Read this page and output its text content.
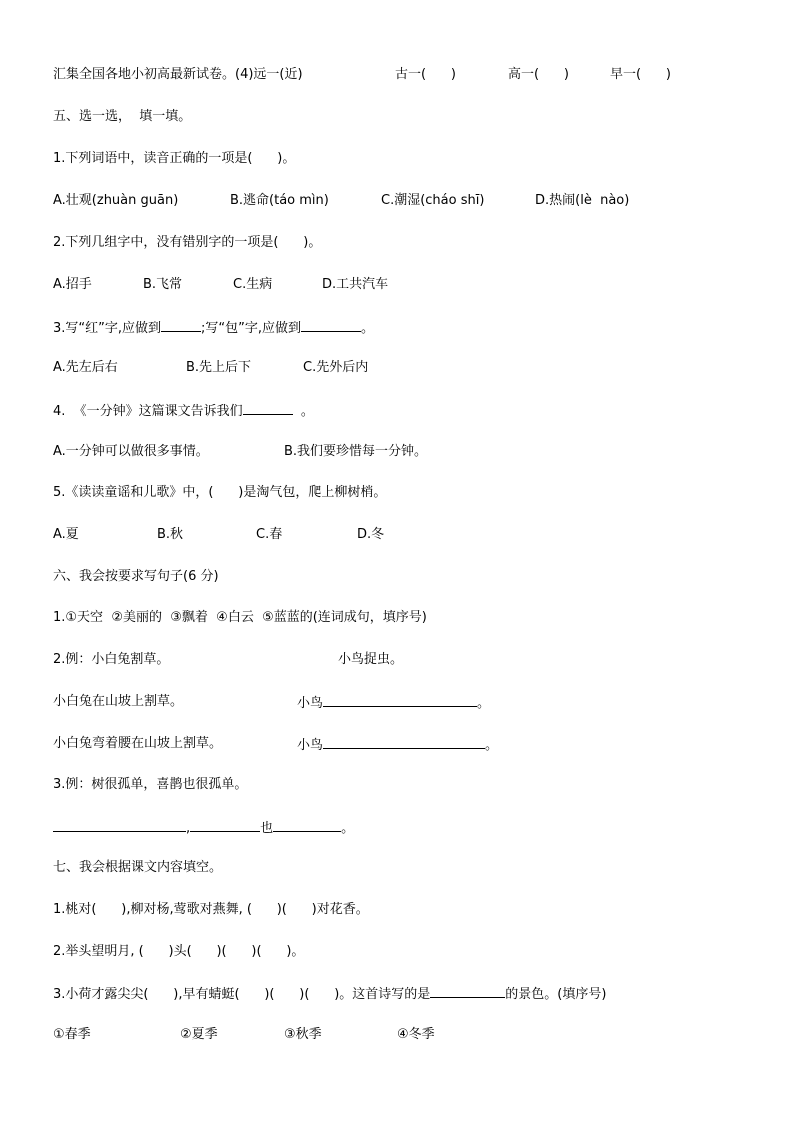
汇集全国各地小初高最新试卷。(4)远一(近)	古一(      )	高一(      )	早一(      )
五、选一选，  填一填。
1.下列词语中，读音正确的一项是(      )。
A.壮观(zhuàn guān)	B.逃命(táo mìn)	C.潮湿(cháo shī)	D.热闹(lè  nào)
2.下列几组字中，没有错别字的一项是(      )。
A.招手	B.飞常	C.生病	D.工共汽车
3.写“红”字,应做到	;写“包”字,应做到	。
A.先左后右	B.先上后下	C.先外后内
4.  《一分钟》这篇课文告诉我们	。
A.一分钟可以做很多事情。	B.我们要珍惜每一分钟。
5.《读读童谣和儿歌》中，(      )是淘气包，爬上柳树梢。
A.夏	B.秋	C.春	D.冬
六、我会按要求写句子(6 分)
1.①天空  ②美丽的  ③飘着  ④白云  ⑤蓝蓝的(连词成句，填序号)
2.例：小白兔割草。	小鸟捉虫。
小白兔在山坡上割草。	小鸟	。
小白兔弯着腰在山坡上割草。	小鸟	。
3.例：树很孤单，喜鹊也很孤单。
,	也	。
七、我会根据课文内容填空。
1.桃对(      ),柳对杨,莺歌对燕舞, (      )(      )对花香。
2.举头望明月, (      )头(      )(      )(      )。
3.小荷才露尖尖(      ),早有蜻蜓(      )(      )(      )。这首诗写的是	的景色。(填序号)
①春季	②夏季	③秋季	④冬季
